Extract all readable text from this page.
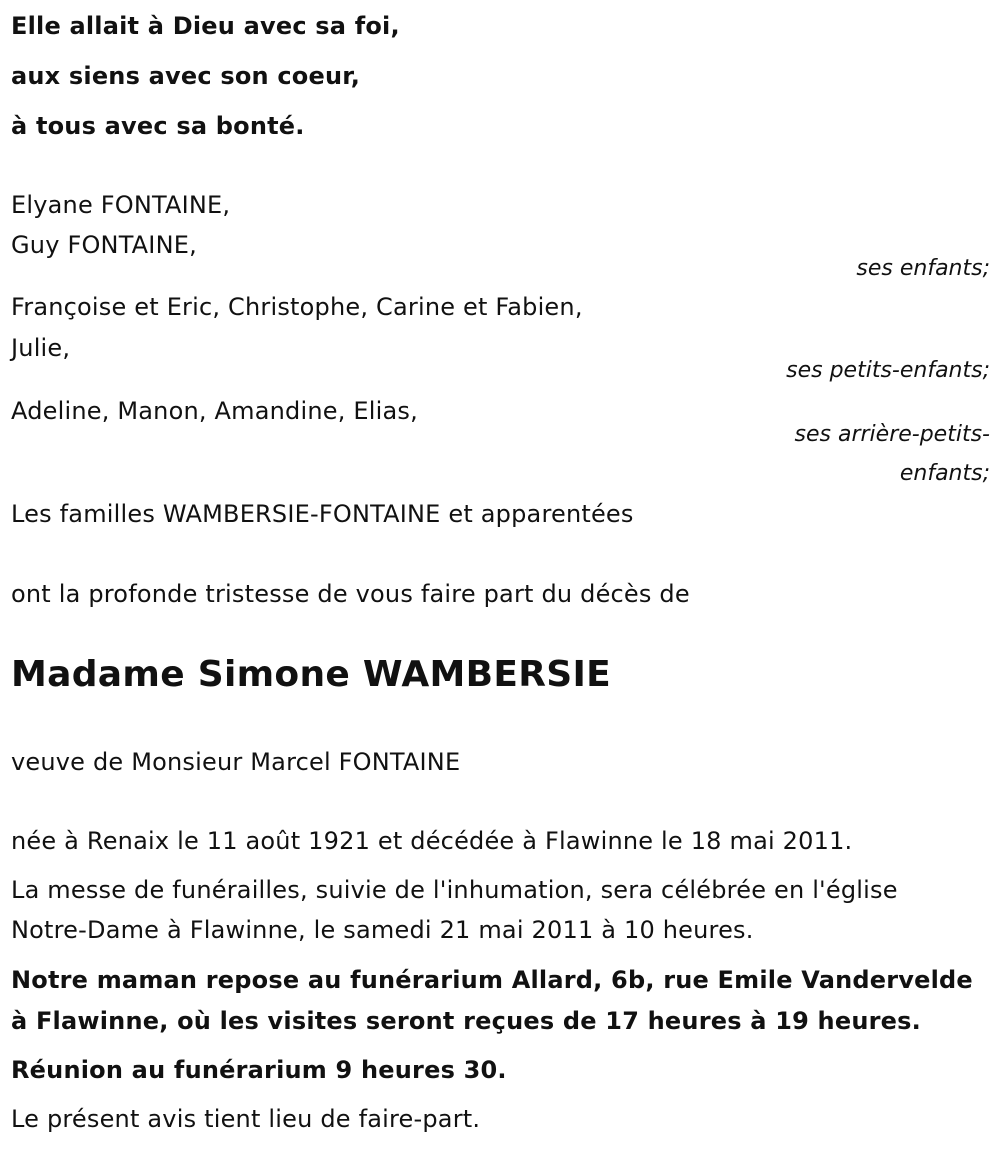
Elle allait à Dieu avec sa foi,
aux siens avec son coeur,
à tous avec sa bonté.
Elyane FONTAINE,
Guy FONTAINE,
ses enfants;
Françoise et Eric, Christophe, Carine et Fabien,
Julie,
ses petits-enfants;
Adeline, Manon, Amandine, Elias,
ses arrière-petits-
enfants;
Les familles WAMBERSIE-FONTAINE et apparentées
ont la profonde tristesse de vous faire part du décès de
Madame Simone WAMBERSIE
veuve de Monsieur Marcel FONTAINE
née à Renaix le 11 août 1921 et décédée à Flawinne le 18 mai 2011.
La messe de funérailles, suivie de l'inhumation, sera célébrée en l'église
Notre-Dame à Flawinne, le samedi 21 mai 2011 à 10 heures.
Notre maman repose au funérarium Allard, 6b, rue Emile Vandervelde
à Flawinne, où les visites seront reçues de 17 heures à 19 heures.
Réunion au funérarium 9 heures 30.
Le présent avis tient lieu de faire-part.
